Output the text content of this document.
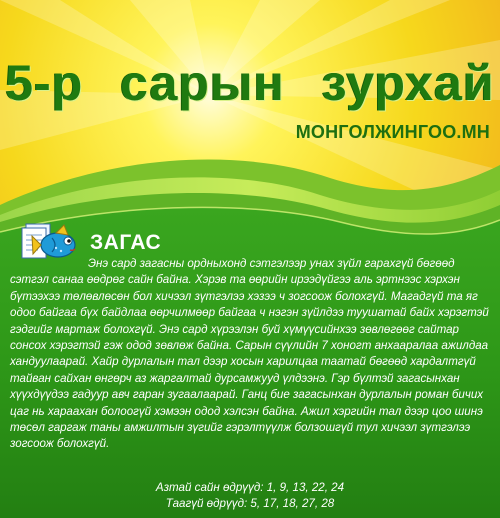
5-р сарын зурхай
МОНГОЛЖИНГОО.МН
ЗАГАС
Энэ сард загасны ордныхонд сэтгэлээр унах зүйл гарахгүй бөгөөд сэтгэл санаа өөдрөг сайн байна. Хэрэв та өөрийн ирээдүйгээ аль эртнээс хэрхэн бүтээхээ төлөвлөсөн бол хичээл зүтгэлээ хэзээ ч зогсоож болохгүй. Магадгүй та яг одоо байгаа бүх байдлаа өөрчилмөөр байгаа ч нэгэн зүйлдээ туушатай байх хэрэгтэй гэдгийг мартаж болохгүй. Энэ сард хүрээлэн буй хүмүүсийнхээ зөвлөгөөг сайтар сонсох хэрэгтэй гэж одод зөвлөж байна. Сарын сүүлийн 7 хоногт анхааралаа ажилдаа хандуулаарай. Хайр дурлалын тал дээр хосын харилцаа таатай бөгөөд хардалтгүй тайван сайхан өнгөрч аз жаргалтай дурсамжууд үлдээнэ. Гэр бүлтэй загасынхан хүүхдүүдээ гадуур авч гаран зугаалаарай. Ганц бие загасынхан дурлалын роман бичих цаг нь хараахан болоогүй хэмээн одод хэлсэн байна. Ажил хэргийн тал дээр цоо шинэ төсөл гаргаж таны амжилтын зүгийг гэрэлтүүлж болзошгүй тул хичээл зүтгэлээ зогсоож болохгүй.
Азтай сайн өдрүүд: 1, 9, 13, 22, 24
Таагүй өдрүүд: 5, 17, 18, 27, 28
